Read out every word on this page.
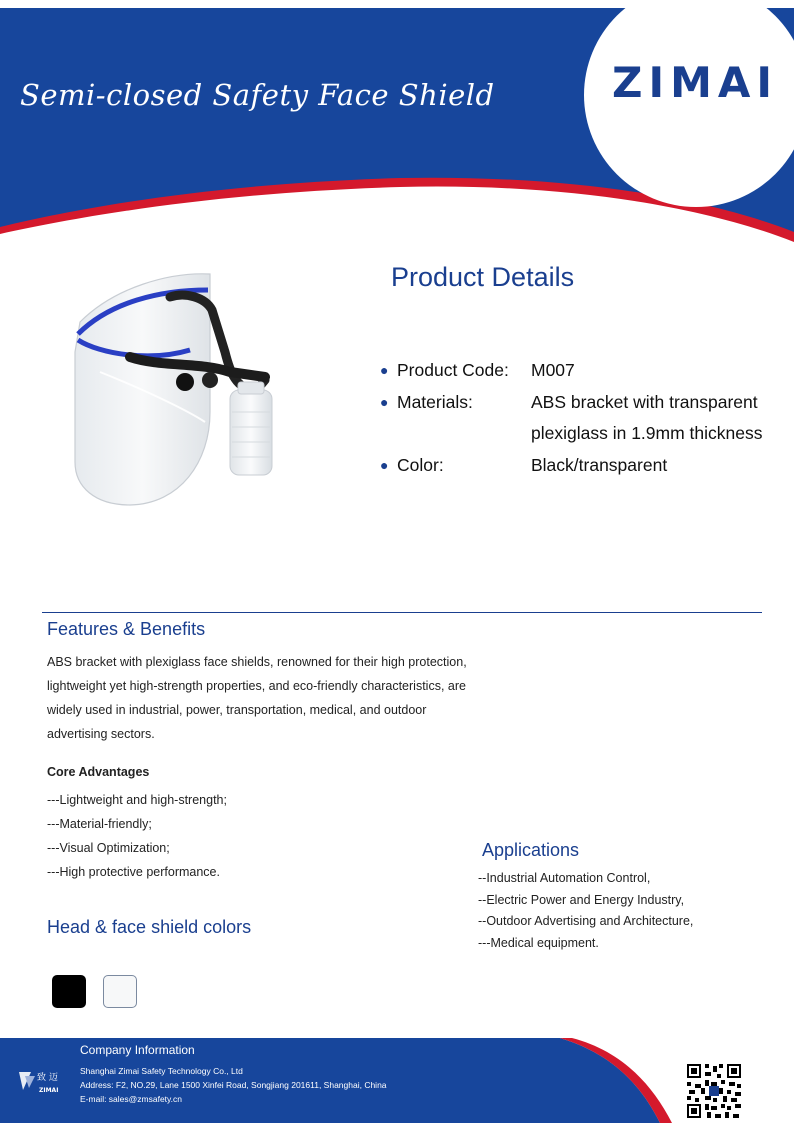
Semi-closed Safety Face Shield	ZIMAI
Product Details
● Product Code: M007
● Materials:	ABS bracket with transparent plexiglass in 1.9mm thickness
● Color:	Black/transparent
Features & Benefits
ABS bracket with plexiglass face shields, renowned for their high protection, lightweight yet high-strength properties, and eco-friendly characteristics, are widely used in industrial, power, transportation, medical, and outdoor advertising sectors.
Core Advantages
---Lightweight and high-strength;
---Material-friendly;
---Visual Optimization;
---High protective performance.
Applications
--Industrial Automation Control,
--Electric Power and Energy Industry,
--Outdoor Advertising and Architecture,
---Medical equipment.
Head & face shield colors
致 迈
ZIMAI
Company Information
Shanghai Zimai Safety Technology Co., Ltd
Address: F2, NO.29, Lane 1500 Xinfei Road, Songjiang 201611, Shanghai, China
E-mail: sales@zmsafety.cn
